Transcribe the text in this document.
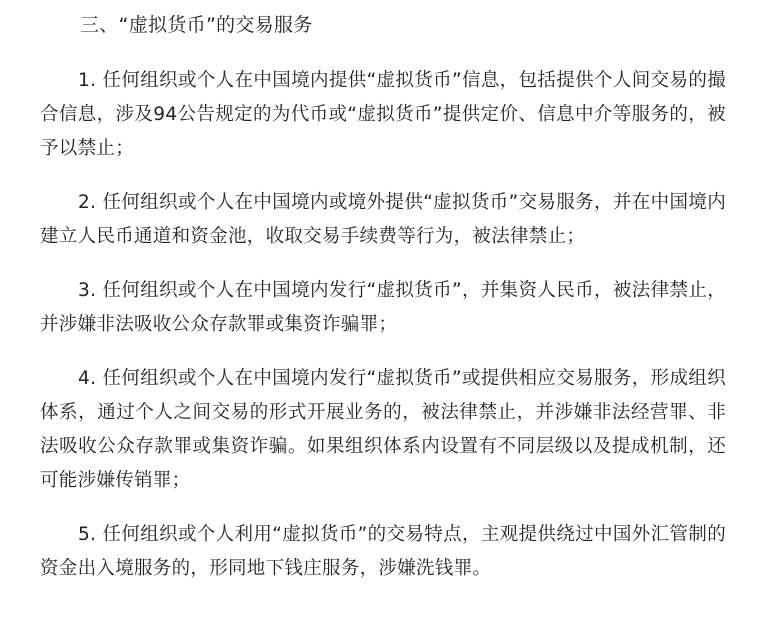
三、“虚拟货币”的交易服务

1. 任何组织或个人在中国境内提供“虚拟货币”信息，包括提供个人间交易的撮合信息，涉及94公告规定的为代币或“虚拟货币”提供定价、信息中介等服务的，被予以禁止；

2. 任何组织或个人在中国境内或境外提供“虚拟货币”交易服务，并在中国境内建立人民币通道和资金池，收取交易手续费等行为，被法律禁止；

3. 任何组织或个人在中国境内发行“虚拟货币”，并集资人民币，被法律禁止，并涉嫌非法吸收公众存款罪或集资诈骗罪；

4. 任何组织或个人在中国境内发行“虚拟货币”或提供相应交易服务，形成组织体系，通过个人之间交易的形式开展业务的，被法律禁止，并涉嫌非法经营罪、非法吸收公众存款罪或集资诈骗。如果组织体系内设置有不同层级以及提成机制，还可能涉嫌传销罪；

5. 任何组织或个人利用“虚拟货币”的交易特点，主观提供绕过中国外汇管制的资金出入境服务的，形同地下钱庄服务，涉嫌洗钱罪。
